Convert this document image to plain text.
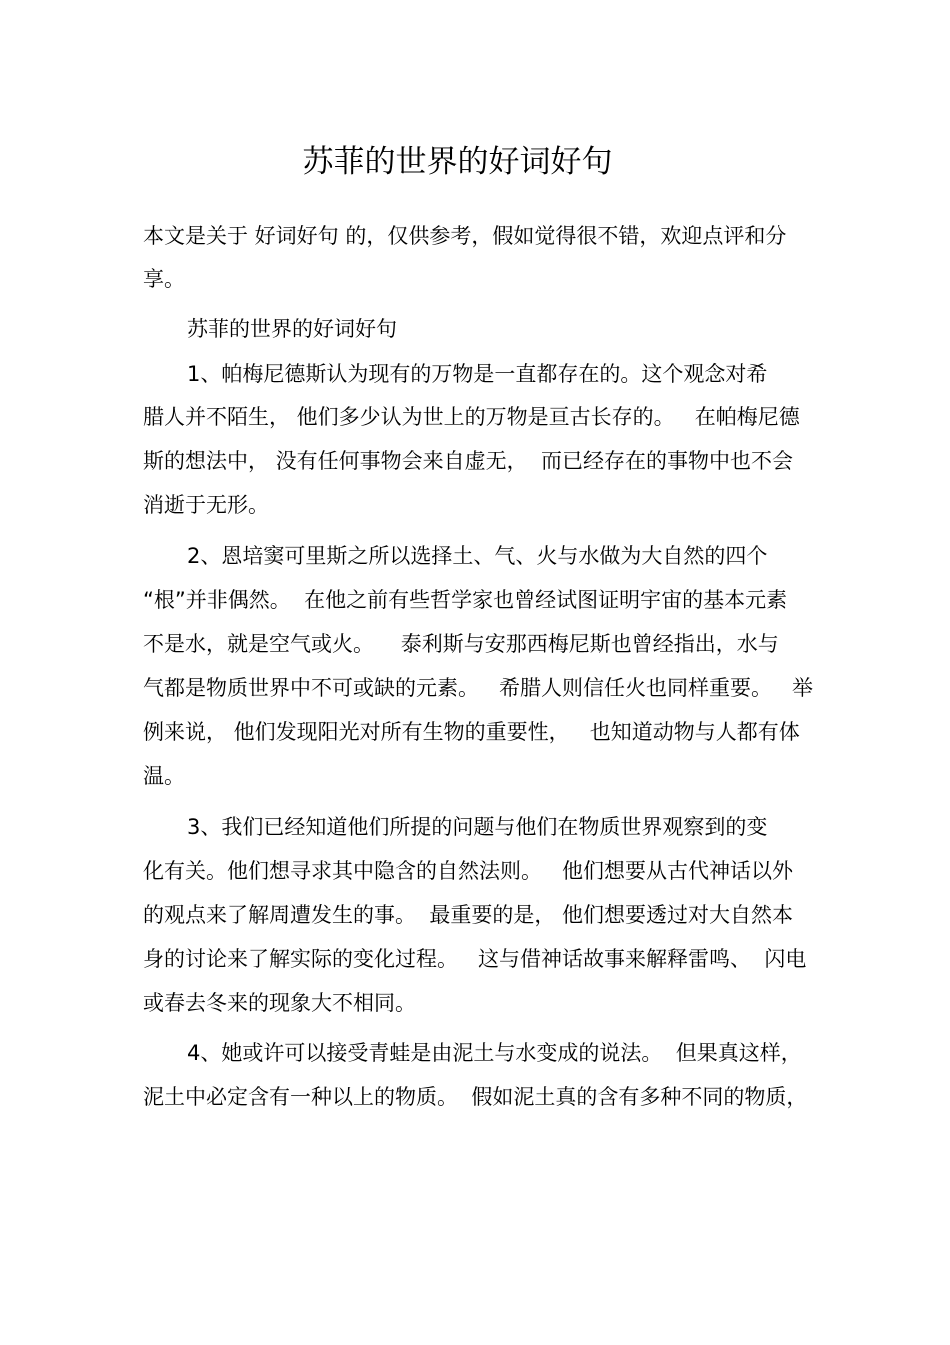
苏菲的世界的好词好句
本文是关于 好词好句 的，仅供参考，假如觉得很不错，欢迎点评和分
享。
苏菲的世界的好词好句
1、帕梅尼德斯认为现有的万物是一直都存在的。这个观念对希
腊人并不陌生， 他们多少认为世上的万物是亘古长存的。   在帕梅尼德
斯的想法中， 没有任何事物会来自虚无，  而已经存在的事物中也不会
消逝于无形。
2、恩培窦可里斯之所以选择土、气、火与水做为大自然的四个
“根”并非偶然。  在他之前有些哲学家也曾经试图证明宇宙的基本元素
不是水，就是空气或火。    泰利斯与安那西梅尼斯也曾经指出，水与
气都是物质世界中不可或缺的元素。   希腊人则信任火也同样重要。   举
例来说， 他们发现阳光对所有生物的重要性，   也知道动物与人都有体
温。
3、我们已经知道他们所提的问题与他们在物质世界观察到的变
化有关。他们想寻求其中隐含的自然法则。   他们想要从古代神话以外
的观点来了解周遭发生的事。  最重要的是， 他们想要透过对大自然本
身的讨论来了解实际的变化过程。   这与借神话故事来解释雷鸣、  闪电
或春去冬来的现象大不相同。
4、她或许可以接受青蛙是由泥土与水变成的说法。  但果真这样，
泥土中必定含有一种以上的物质。  假如泥土真的含有多种不同的物质，
